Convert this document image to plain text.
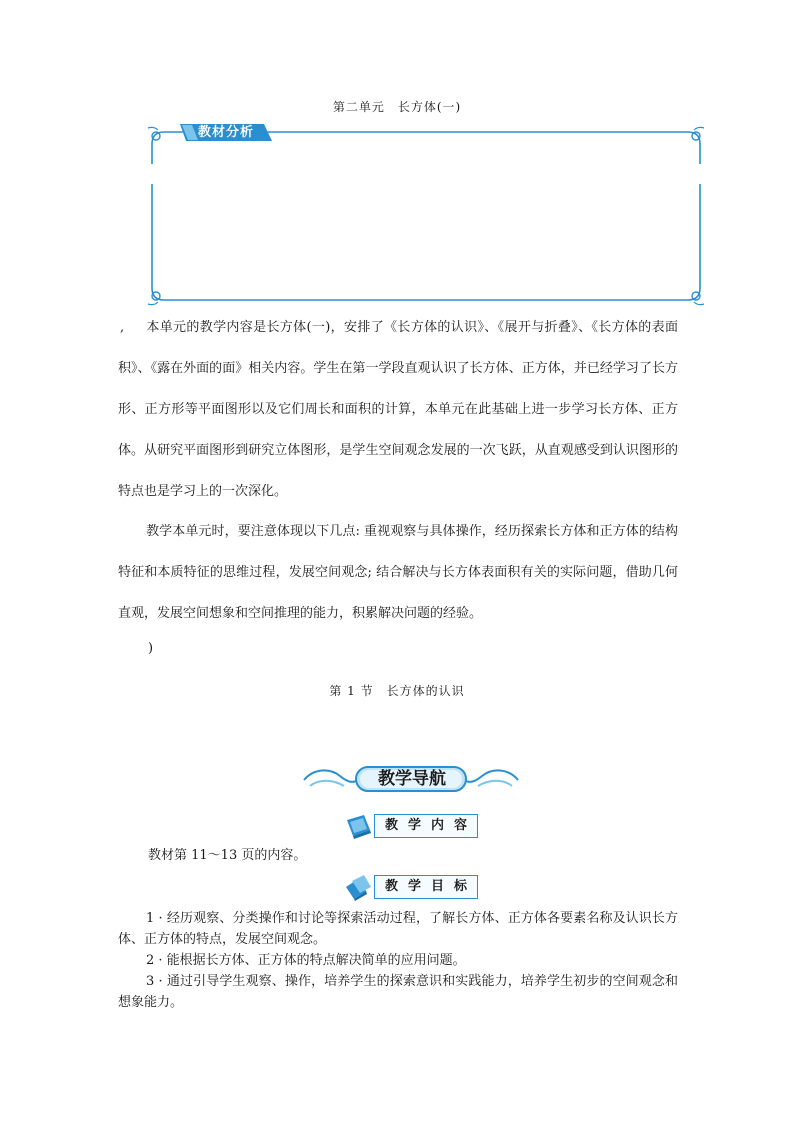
第二单元　长方体(一)
教材分析
,	本单元的教学内容是长方体(一)，安排了《长方体的认识》、《展开与折叠》、《长方体的表面积》、《露在外面的面》相关内容。学生在第一学段直观认识了长方体、正方体，并已经学习了长方形、正方形等平面图形以及它们周长和面积的计算，本单元在此基础上进一步学习长方体、正方体。从研究平面图形到研究立体图形，是学生空间观念发展的一次飞跃，从直观感受到认识图形的特点也是学习上的一次深化。
教学本单元时，要注意体现以下几点: 重视观察与具体操作，经历探索长方体和正方体的结构特征和本质特征的思维过程，发展空间观念; 结合解决与长方体表面积有关的实际问题，借助几何直观，发展空间想象和空间推理的能力，积累解决问题的经验。
)
第 1 节　长方体的认识
教学导航
教学内容
教材第 11～13 页的内容。
教学目标

1 · 经历观察、分类操作和讨论等探索活动过程，了解长方体、正方体各要素名称及认识长方体、正方体的特点，发展空间观念。

2 · 能根据长方体、正方体的特点解决简单的应用问题。

3 · 通过引导学生观察、操作，培养学生的探索意识和实践能力，培养学生初步的空间观念和想象能力。
